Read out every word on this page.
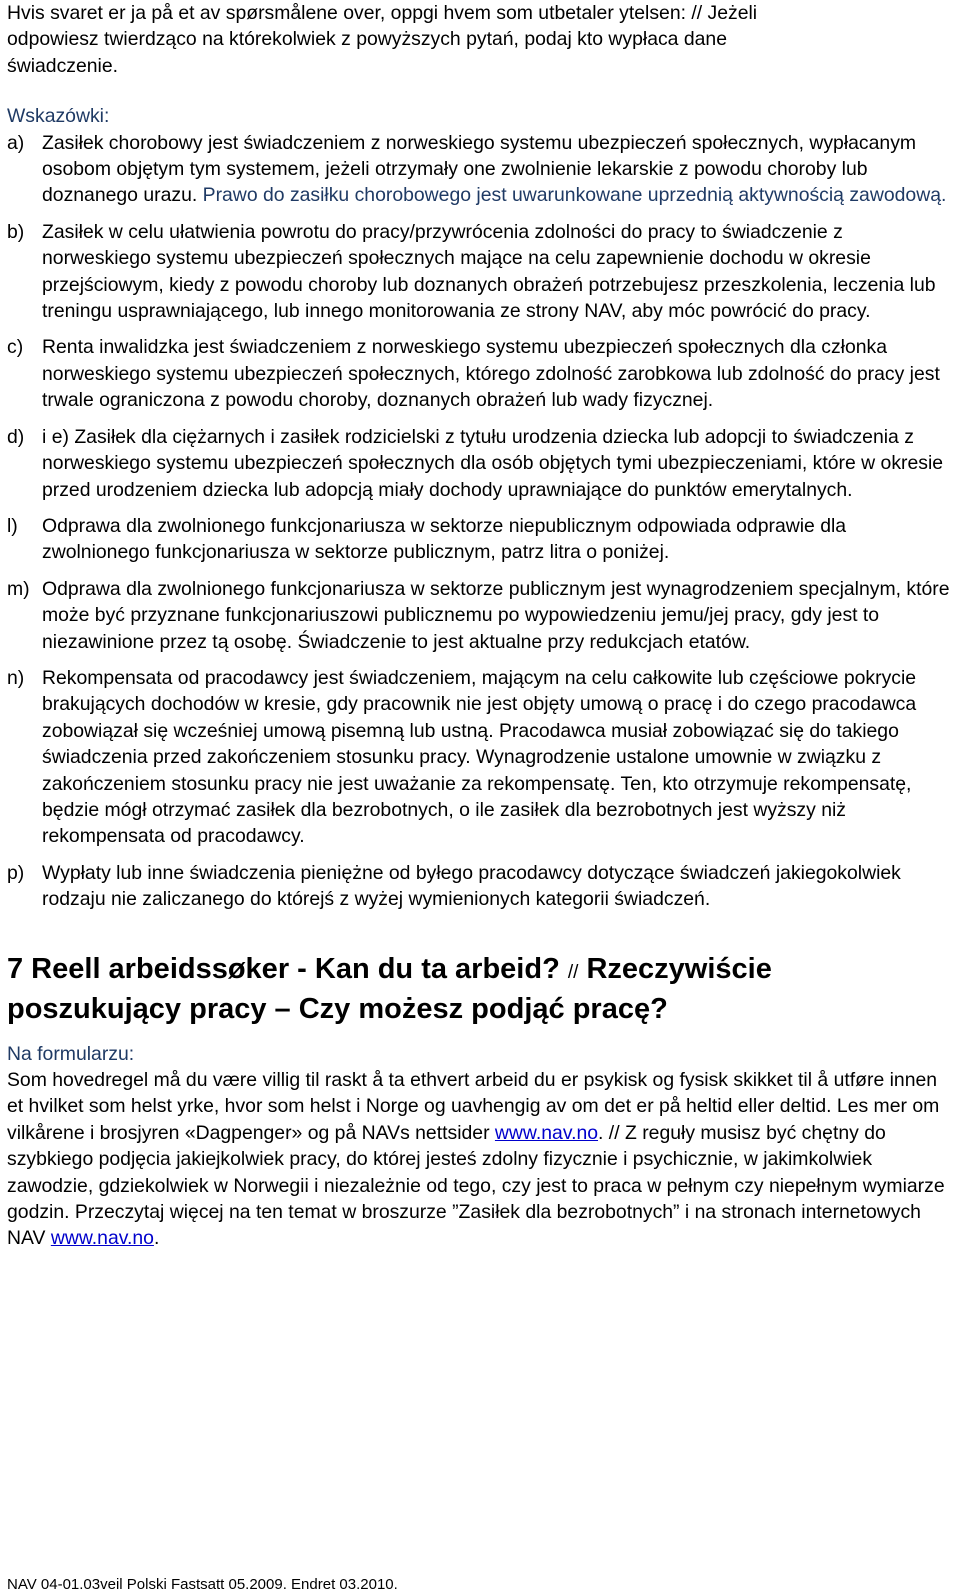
Hvis svaret er ja på et av spørsmålene over, oppgi hvem som utbetaler ytelsen: // Jeżeli
odpowiesz twierdząco na którekolwiek z powyższych pytań, podaj kto wypłaca dane
świadczenie.

Wskazówki:

a) Zasiłek chorobowy jest świadczeniem z norweskiego systemu ubezpieczeń społecznych, wypłacanym osobom objętym tym systemem, jeżeli otrzymały one zwolnienie lekarskie z powodu choroby lub doznanego urazu. Prawo do zasiłku chorobowego jest uwarunkowane uprzednią aktywnością zawodową.
b) Zasiłek w celu ułatwienia powrotu do pracy/przywrócenia zdolności do pracy to świadczenie z norweskiego systemu ubezpieczeń społecznych mające na celu zapewnienie dochodu w okresie przejściowym, kiedy z powodu choroby lub doznanych obrażeń potrzebujesz przeszkolenia, leczenia lub treningu usprawniającego, lub innego monitorowania ze strony NAV, aby móc powrócić do pracy.
c) Renta inwalidzka jest świadczeniem z norweskiego systemu ubezpieczeń społecznych dla członka norweskiego systemu ubezpieczeń społecznych, którego zdolność zarobkowa lub zdolność do pracy jest trwale ograniczona z powodu choroby, doznanych obrażeń lub wady fizycznej.
d) i e) Zasiłek dla ciężarnych i zasiłek rodzicielski z tytułu urodzenia dziecka lub adopcji to świadczenia z norweskiego systemu ubezpieczeń społecznych dla osób objętych tymi ubezpieczeniami, które w okresie przed urodzeniem dziecka lub adopcją miały dochody uprawniające do punktów emerytalnych.
l)	Odprawa dla zwolnionego funkcjonariusza w sektorze niepublicznym odpowiada odprawie dla zwolnionego funkcjonariusza w sektorze publicznym, patrz litra o poniżej.
m) Odprawa dla zwolnionego funkcjonariusza w sektorze publicznym jest wynagrodzeniem specjalnym, które może być przyznane funkcjonariuszowi publicznemu po wypowiedzeniu jemu/jej pracy, gdy jest to niezawinione przez tą osobę. Świadczenie to jest aktualne przy redukcjach etatów.
n) Rekompensata od pracodawcy jest świadczeniem, mającym na celu całkowite lub częściowe pokrycie brakujących dochodów w kresie, gdy pracownik nie jest objęty umową o pracę i do czego pracodawca zobowiązał się wcześniej umową pisemną lub ustną. Pracodawca musiał zobowiązać się do takiego świadczenia przed zakończeniem stosunku pracy. Wynagrodzenie ustalone umownie w związku z zakończeniem stosunku pracy nie jest uważanie za rekompensatę. Ten, kto otrzymuje rekompensatę, będzie mógł otrzymać zasiłek dla bezrobotnych, o ile zasiłek dla bezrobotnych jest wyższy niż rekompensata od pracodawcy.
p) Wypłaty lub inne świadczenia pieniężne od byłego pracodawcy dotyczące świadczeń jakiegokolwiek rodzaju nie zaliczanego do którejś z wyżej wymienionych kategorii świadczeń.
7 Reell arbeidssøker - Kan du ta arbeid? // Rzeczywiście poszukujący pracy – Czy możesz podjąć pracę?

Na formularzu:

Som hovedregel må du være villig til raskt å ta ethvert arbeid du er psykisk og fysisk skikket til å utføre innen et hvilket som helst yrke, hvor som helst i Norge og uavhengig av om det er på heltid eller deltid. Les mer om vilkårene i brosjyren «Dagpenger» og på NAVs nettsider www.nav.no. // Z reguły musisz być chętny do szybkiego podjęcia jakiejkolwiek pracy, do której jesteś zdolny fizycznie i psychicznie, w jakimkolwiek zawodzie, gdziekolwiek w Norwegii i niezależnie od tego, czy jest to praca w pełnym czy niepełnym wymiarze godzin. Przeczytaj więcej na ten temat w broszurze ”Zasiłek dla bezrobotnych” i na stronach internetowych NAV www.nav.no.

NAV 04-01.03veil Polski Fastsatt 05.2009. Endret 03.2010.
